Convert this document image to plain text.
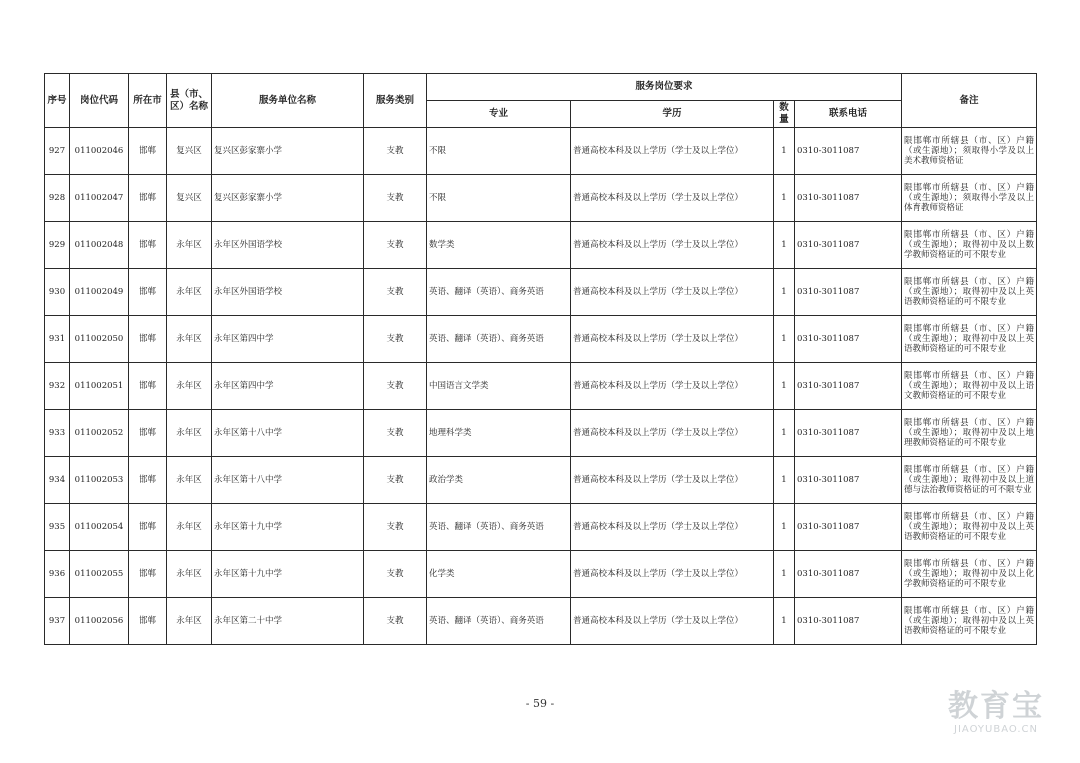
序号	岗位代码	所在市	县（市、区）名称	服务单位名称	服务类别	服务岗位要求				备注
						专业	学历	数量	联系电话	
927	011002046	邯郸	复兴区	复兴区彭家寨小学	支教	不限	普通高校本科及以上学历（学士及以上学位）	1	0310-3011087	限邯郸市所辖县（市、区）户籍（或生源地）；须取得小学及以上美术教师资格证
928	011002047	邯郸	复兴区	复兴区彭家寨小学	支教	不限	普通高校本科及以上学历（学士及以上学位）	1	0310-3011087	限邯郸市所辖县（市、区）户籍（或生源地）；须取得小学及以上体育教师资格证
929	011002048	邯郸	永年区	永年区外国语学校	支教	数学类	普通高校本科及以上学历（学士及以上学位）	1	0310-3011087	限邯郸市所辖县（市、区）户籍（或生源地）；取得初中及以上数学教师资格证的可不限专业
930	011002049	邯郸	永年区	永年区外国语学校	支教	英语、翻译（英语）、商务英语	普通高校本科及以上学历（学士及以上学位）	1	0310-3011087	限邯郸市所辖县（市、区）户籍（或生源地）；取得初中及以上英语教师资格证的可不限专业
931	011002050	邯郸	永年区	永年区第四中学	支教	英语、翻译（英语）、商务英语	普通高校本科及以上学历（学士及以上学位）	1	0310-3011087	限邯郸市所辖县（市、区）户籍（或生源地）；取得初中及以上英语教师资格证的可不限专业
932	011002051	邯郸	永年区	永年区第四中学	支教	中国语言文学类	普通高校本科及以上学历（学士及以上学位）	1	0310-3011087	限邯郸市所辖县（市、区）户籍（或生源地）；取得初中及以上语文教师资格证的可不限专业
933	011002052	邯郸	永年区	永年区第十八中学	支教	地理科学类	普通高校本科及以上学历（学士及以上学位）	1	0310-3011087	限邯郸市所辖县（市、区）户籍（或生源地）；取得初中及以上地理教师资格证的可不限专业
934	011002053	邯郸	永年区	永年区第十八中学	支教	政治学类	普通高校本科及以上学历（学士及以上学位）	1	0310-3011087	限邯郸市所辖县（市、区）户籍（或生源地）；取得初中及以上道德与法治教师资格证的可不限专业
935	011002054	邯郸	永年区	永年区第十九中学	支教	英语、翻译（英语）、商务英语	普通高校本科及以上学历（学士及以上学位）	1	0310-3011087	限邯郸市所辖县（市、区）户籍（或生源地）；取得初中及以上英语教师资格证的可不限专业
936	011002055	邯郸	永年区	永年区第十九中学	支教	化学类	普通高校本科及以上学历（学士及以上学位）	1	0310-3011087	限邯郸市所辖县（市、区）户籍（或生源地）；取得初中及以上化学教师资格证的可不限专业
937	011002056	邯郸	永年区	永年区第二十中学	支教	英语、翻译（英语）、商务英语	普通高校本科及以上学历（学士及以上学位）	1	0310-3011087	限邯郸市所辖县（市、区）户籍（或生源地）；取得初中及以上英语教师资格证的可不限专业
- 59 -	教育宝
JIAOYUBAO.CN
